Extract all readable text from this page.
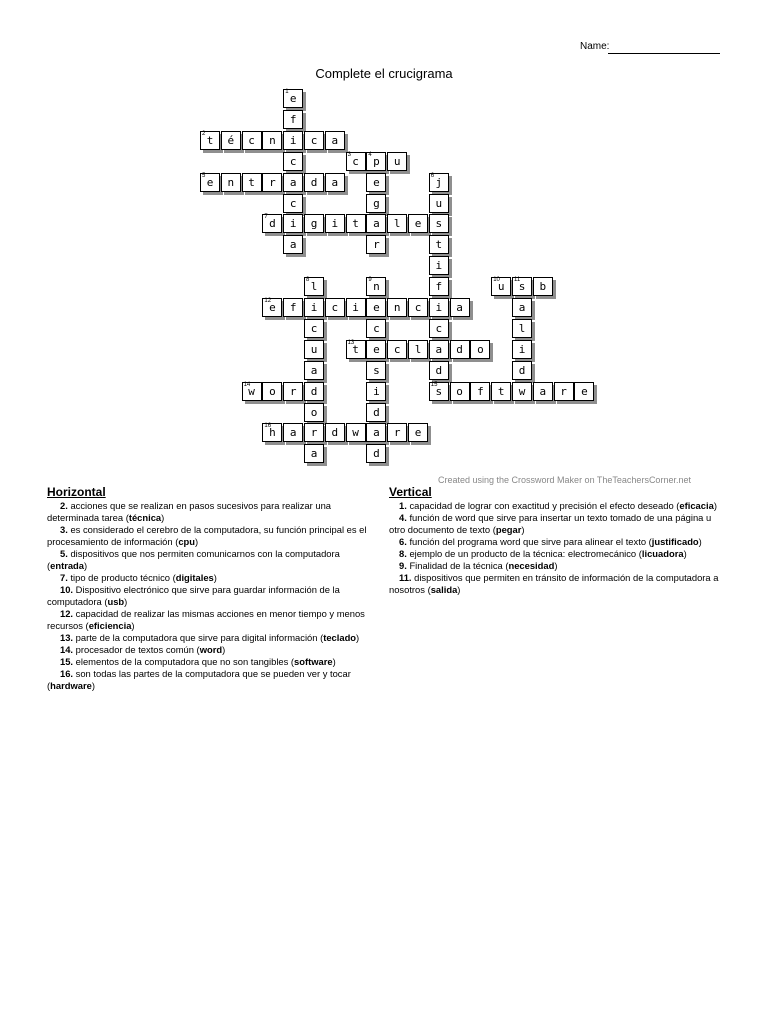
Name:
Complete el crucigrama
1 e
f
2 t	é	c	n	i	c	a
c	3 c	4 p	u
5 e	n	t	r	a	d	a	e	6 j
c	g	u
7 d	i	g	i	t	a	l	e	s
a	r	t
i
8 l	9 n	f	10
u	11
s	b
12
e	f	i	c	i	e	n	c	i	a	a
c	c	c	l
u	13
t	e	c	l	a	d	o	i
a	s	d	d
14
w	o	r	d	i	15
s	o	f	t	w	a	r	e
o	d
16
h	a	r	d	w	a	r	e
a	d
Created using the Crossword Maker on TheTeachersCorner.net
Horizontal

2. acciones que se realizan en pasos sucesivos para realizar una determinada tarea (técnica)

3. es considerado el cerebro de la computadora, su función principal es el procesamiento de información (cpu)

5. dispositivos que nos permiten comunicarnos con la computadora (entrada)

7. tipo de producto técnico (digitales)

10. Dispositivo electrónico que sirve para guardar información de la computadora (usb)

12. capacidad de realizar las mismas acciones en menor tiempo y menos recursos (eficiencia)

13. parte de la computadora que sirve para digital información (teclado)

14. procesador de textos común (word)

15. elementos de la computadora que no son tangibles (software)

16. son todas las partes de la computadora que se pueden ver y tocar (hardware)

Vertical

1. capacidad de lograr con exactitud y precisión el efecto deseado (eficacia)

4. función de word que sirve para insertar un texto tomado de una página u otro documento de texto (pegar)

6. función del programa word que sirve para alinear el texto (justificado)

8. ejemplo de un producto de la técnica: electromecánico (licuadora)

9. Finalidad de la técnica (necesidad)

11. dispositivos que permiten en tránsito de información de la computadora a nosotros (salida)
